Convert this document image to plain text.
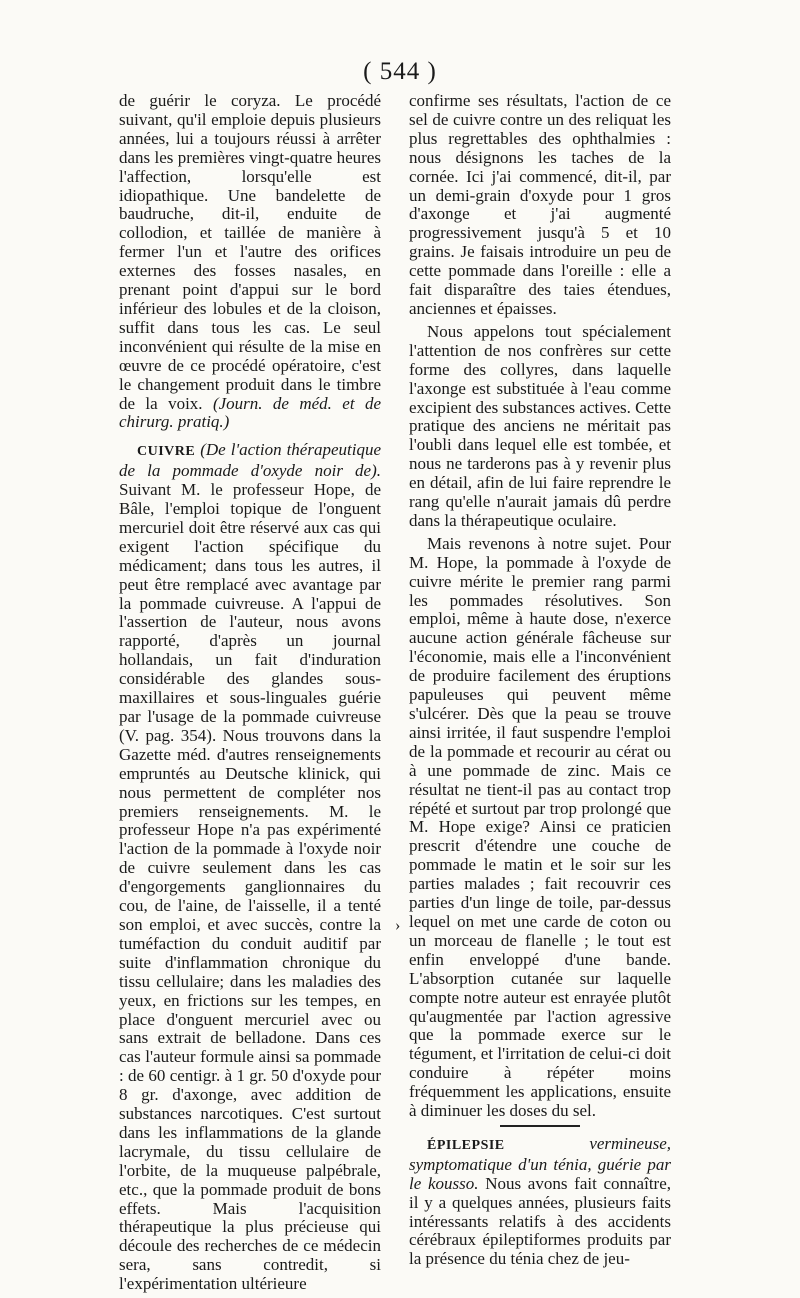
( 544 )

de guérir le coryza. Le procédé suivant, qu'il emploie depuis plusieurs années, lui a toujours réussi à arrêter dans les premières vingt-quatre heures l'affection, lorsqu'elle est idiopathique. Une bandelette de baudruche, dit-il, enduite de collodion, et taillée de manière à fermer l'un et l'autre des orifices externes des fosses nasales, en prenant point d'appui sur le bord inférieur des lobules et de la cloison, suffit dans tous les cas. Le seul inconvénient qui résulte de la mise en œuvre de ce procédé opératoire, c'est le changement produit dans le timbre de la voix. (Journ. de méd. et de chirurg. pratiq.)

CUIVRE (De l'action thérapeutique de la pommade d'oxyde noir de). Suivant M. le professeur Hope, de Bâle, l'emploi topique de l'onguent mercuriel doit être réservé aux cas qui exigent l'action spécifique du médicament; dans tous les autres, il peut être remplacé avec avantage par la pommade cuivreuse. A l'appui de l'assertion de l'auteur, nous avons rapporté, d'après un journal hollandais, un fait d'induration considérable des glandes sous-maxillaires et sous-linguales guérie par l'usage de la pommade cuivreuse (V. pag. 354). Nous trouvons dans la Gazette méd. d'autres renseignements empruntés au Deutsche klinick, qui nous permettent de compléter nos premiers renseignements. M. le professeur Hope n'a pas expérimenté l'action de la pommade à l'oxyde noir de cuivre seulement dans les cas d'engorgements ganglionnaires du cou, de l'aine, de l'aisselle, il a tenté son emploi, et avec succès, contre la tuméfaction du conduit auditif par suite d'inflammation chronique du tissu cellulaire; dans les maladies des yeux, en frictions sur les tempes, en place d'onguent mercuriel avec ou sans extrait de belladone. Dans ces cas l'auteur formule ainsi sa pommade : de 60 centigr. à 1 gr. 50 d'oxyde pour 8 gr. d'axonge, avec addition de substances narcotiques. C'est surtout dans les inflammations de la glande lacrymale, du tissu cellulaire de l'orbite, de la muqueuse palpébrale, etc., que la pommade produit de bons effets. Mais l'acquisition thérapeutique la plus précieuse qui découle des recherches de ce médecin sera, sans contredit, si l'expérimentation ultérieure

›

confirme ses résultats, l'action de ce sel de cuivre contre un des reliquat les plus regrettables des ophthalmies : nous désignons les taches de la cornée. Ici j'ai commencé, dit-il, par un demi-grain d'oxyde pour 1 gros d'axonge et j'ai augmenté progressivement jusqu'à 5 et 10 grains. Je faisais introduire un peu de cette pommade dans l'oreille : elle a fait disparaître des taies étendues, anciennes et épaisses.

Nous appelons tout spécialement l'attention de nos confrères sur cette forme des collyres, dans laquelle l'axonge est substituée à l'eau comme excipient des substances actives. Cette pratique des anciens ne méritait pas l'oubli dans lequel elle est tombée, et nous ne tarderons pas à y revenir plus en détail, afin de lui faire reprendre le rang qu'elle n'aurait jamais dû perdre dans la thérapeutique oculaire.

Mais revenons à notre sujet. Pour M. Hope, la pommade à l'oxyde de cuivre mérite le premier rang parmi les pommades résolutives. Son emploi, même à haute dose, n'exerce aucune action générale fâcheuse sur l'économie, mais elle a l'inconvénient de produire facilement des éruptions papuleuses qui peuvent même s'ulcérer. Dès que la peau se trouve ainsi irritée, il faut suspendre l'emploi de la pommade et recourir au cérat ou à une pommade de zinc. Mais ce résultat ne tient-il pas au contact trop répété et surtout par trop prolongé que M. Hope exige? Ainsi ce praticien prescrit d'étendre une couche de pommade le matin et le soir sur les parties malades ; fait recouvrir ces parties d'un linge de toile, par-dessus lequel on met une carde de coton ou un morceau de flanelle ; le tout est enfin enveloppé d'une bande. L'absorption cutanée sur laquelle compte notre auteur est enrayée plutôt qu'augmentée par l'action agressive que la pommade exerce sur le tégument, et l'irritation de celui-ci doit conduire à répéter moins fréquemment les applications, ensuite à diminuer les doses du sel.

ÉPILEPSIE	vermineuse, symptomatique d'un ténia, guérie par le kousso. Nous avons fait connaître, il y a quelques années, plusieurs faits intéressants relatifs à des accidents cérébraux épileptiformes produits par la présence du ténia chez de jeu-
